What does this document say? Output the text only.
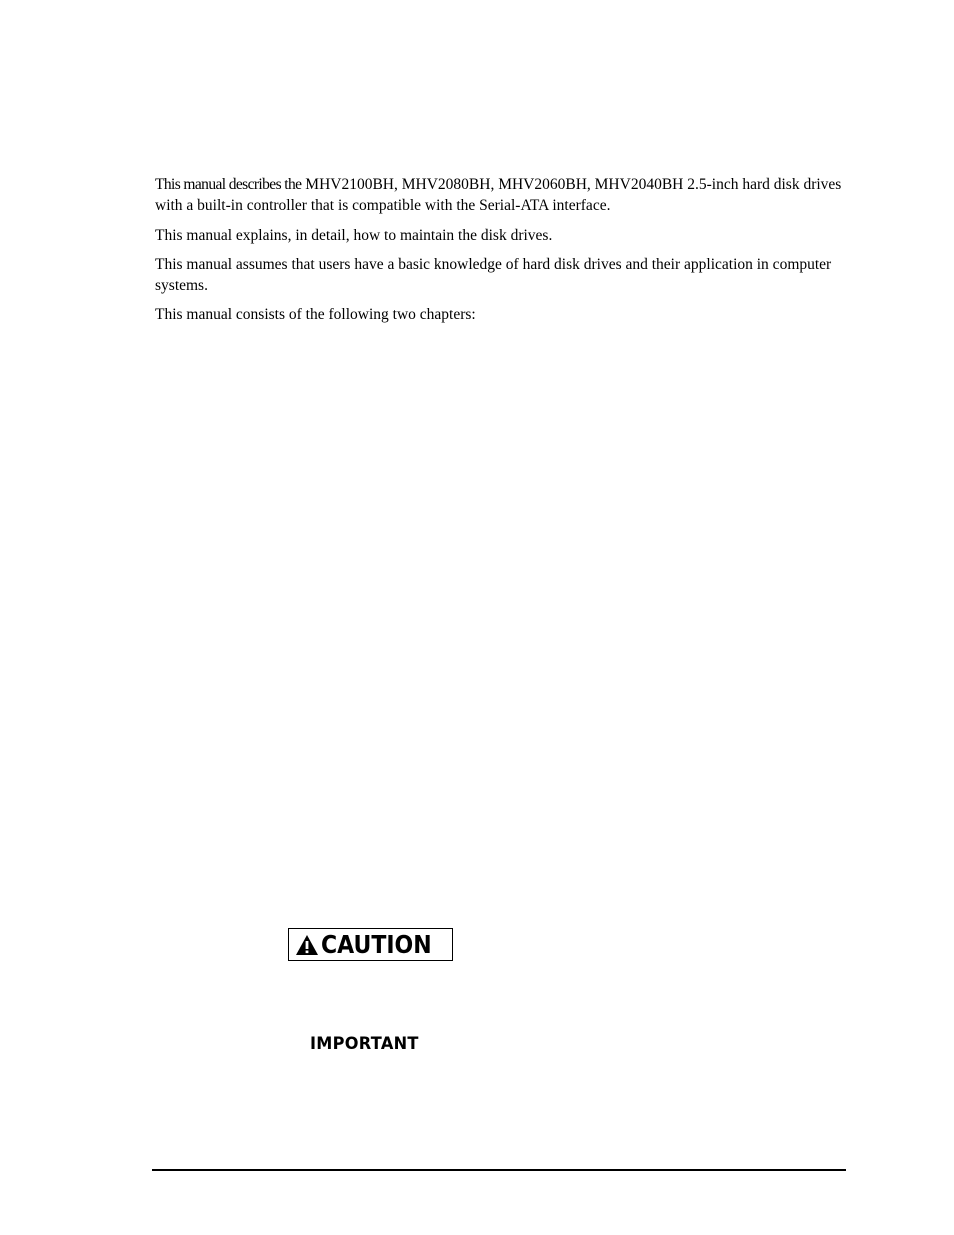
This manual describes the MHV2100BH, MHV2080BH, MHV2060BH, MHV2040BH 2.5-inch hard disk drives with a built-in controller that is compatible with the Serial-ATA interface.

This manual explains, in detail, how to maintain the disk drives.

This manual assumes that users have a basic knowledge of hard disk drives and their application in computer systems.

This manual consists of the following two chapters:

CAUTION
IMPORTANT
